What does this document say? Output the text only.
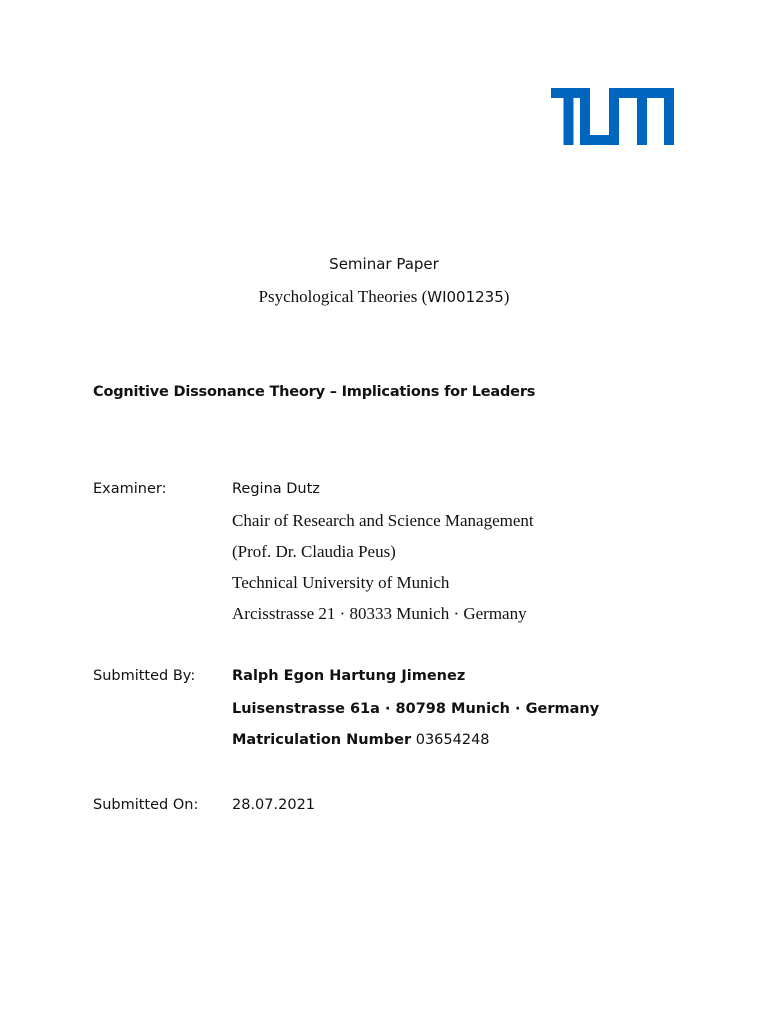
Seminar Paper
Psychological Theories (WI001235)
Cognitive Dissonance Theory – Implications for Leaders
Examiner:	Regina Dutz
Chair of Research and Science Management
(Prof. Dr. Claudia Peus)
Technical University of Munich
Arcisstrasse 21 · 80333 Munich · Germany
Submitted By:	Ralph Egon Hartung Jimenez
Luisenstrasse 61a · 80798 Munich · Germany
Matriculation Number 03654248
Submitted On: 28.07.2021
